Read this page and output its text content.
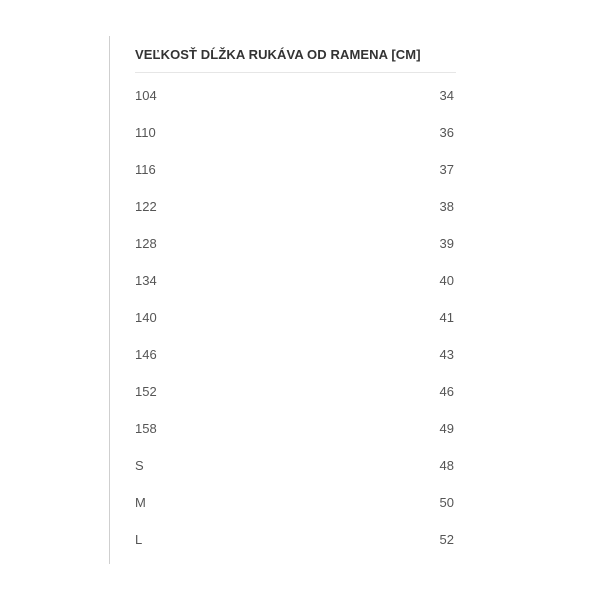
VEĽKOSŤ DĹŽKA RUKÁVA OD RAMENA [CM]
104	34
110	36
116	37
122	38
128	39
134	40
140	41
146	43
152	46
158	49
S	48
M	50
L	52
